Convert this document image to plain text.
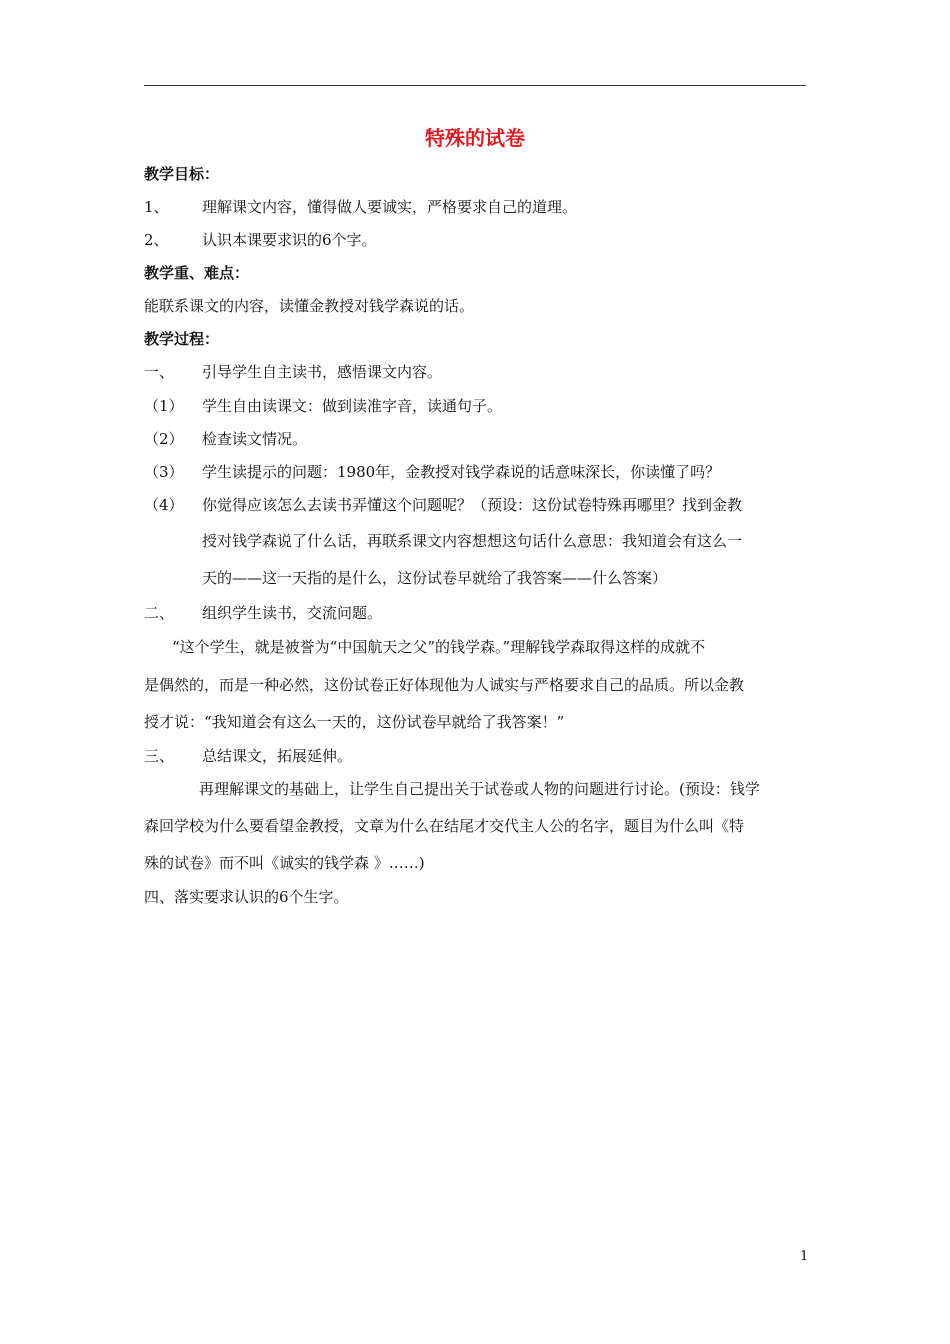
特殊的试卷
教学目标：
1、 理解课文内容，懂得做人要诚实，严格要求自己的道理。
2、 认识本课要求识的6个字。
教学重、难点：
能联系课文的内容，读懂金教授对钱学森说的话。
教学过程：
一、 引导学生自主读书，感悟课文内容。
（1） 学生自由读课文：做到读准字音，读通句子。
（2） 检查读文情况。
（3） 学生读提示的问题：1980年，金教授对钱学森说的话意味深长，你读懂了吗？
（4） 你觉得应该怎么去读书弄懂这个问题呢？（预设：这份试卷特殊再哪里？找到金教
授对钱学森说了什么话，再联系课文内容想想这句话什么意思：我知道会有这么一
天的——这一天指的是什么，这份试卷早就给了我答案——什么答案）
二、 组织学生读书，交流问题。
“这个学生，就是被誉为“中国航天之父”的钱学森。”理解钱学森取得这样的成就不
是偶然的，而是一种必然，这份试卷正好体现他为人诚实与严格要求自己的品质。所以金教
授才说：“我知道会有这么一天的，这份试卷早就给了我答案！”
三、 总结课文，拓展延伸。
再理解课文的基础上，让学生自己提出关于试卷或人物的问题进行讨论。(预设：钱学
森回学校为什么要看望金教授，文章为什么在结尾才交代主人公的名字，题目为什么叫《特
殊的试卷》而不叫《诚实的钱学森 》……)
四、落实要求认识的6个生字。
1
